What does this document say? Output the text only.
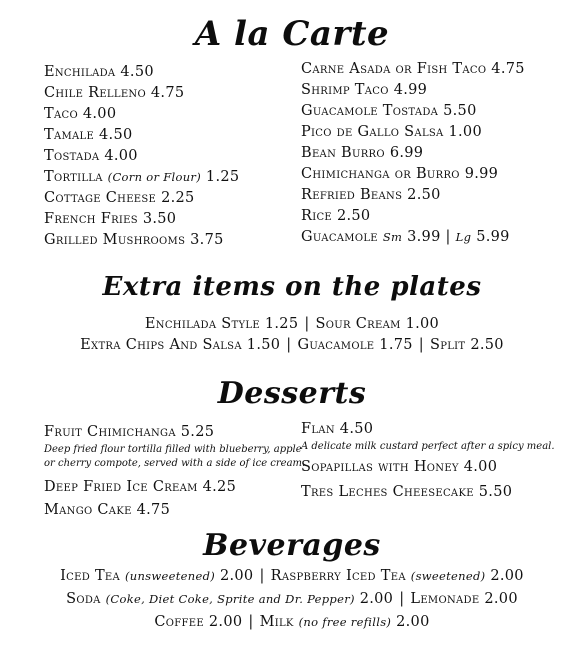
A la Carte
Enchilada 4.50
Chile Relleno 4.75
Taco 4.00
Tamale 4.50
Tostada 4.00
Tortilla (Corn or Flour) 1.25
Cottage Cheese 2.25
French Fries 3.50
Grilled Mushrooms 3.75
Carne Asada or Fish Taco 4.75
Shrimp Taco 4.99
Guacamole Tostada 5.50
Pico de Gallo Salsa 1.00
Bean Burro 6.99
Chimichanga or Burro 9.99
Refried Beans 2.50
Rice 2.50
Guacamole Sm 3.99 | Lg 5.99
Extra items on the plates
Enchilada Style 1.25 | Sour Cream 1.00
Extra Chips And Salsa 1.50 | Guacamole 1.75 | Split 2.50
Desserts
Fruit Chimichanga 5.25
Deep fried flour tortilla filled with blueberry, apple
or cherry compote, served with a side of ice cream.
Deep Fried Ice Cream 4.25
Mango Cake 4.75
Flan 4.50
A delicate milk custard perfect after a spicy meal.
Sopapillas with Honey 4.00
Tres Leches Cheesecake 5.50
Beverages
Iced Tea (unsweetened) 2.00 | Raspberry Iced Tea (sweetened) 2.00
Soda (Coke, Diet Coke, Sprite and Dr. Pepper) 2.00 | Lemonade 2.00
Coffee 2.00 | Milk (no free refills) 2.00
